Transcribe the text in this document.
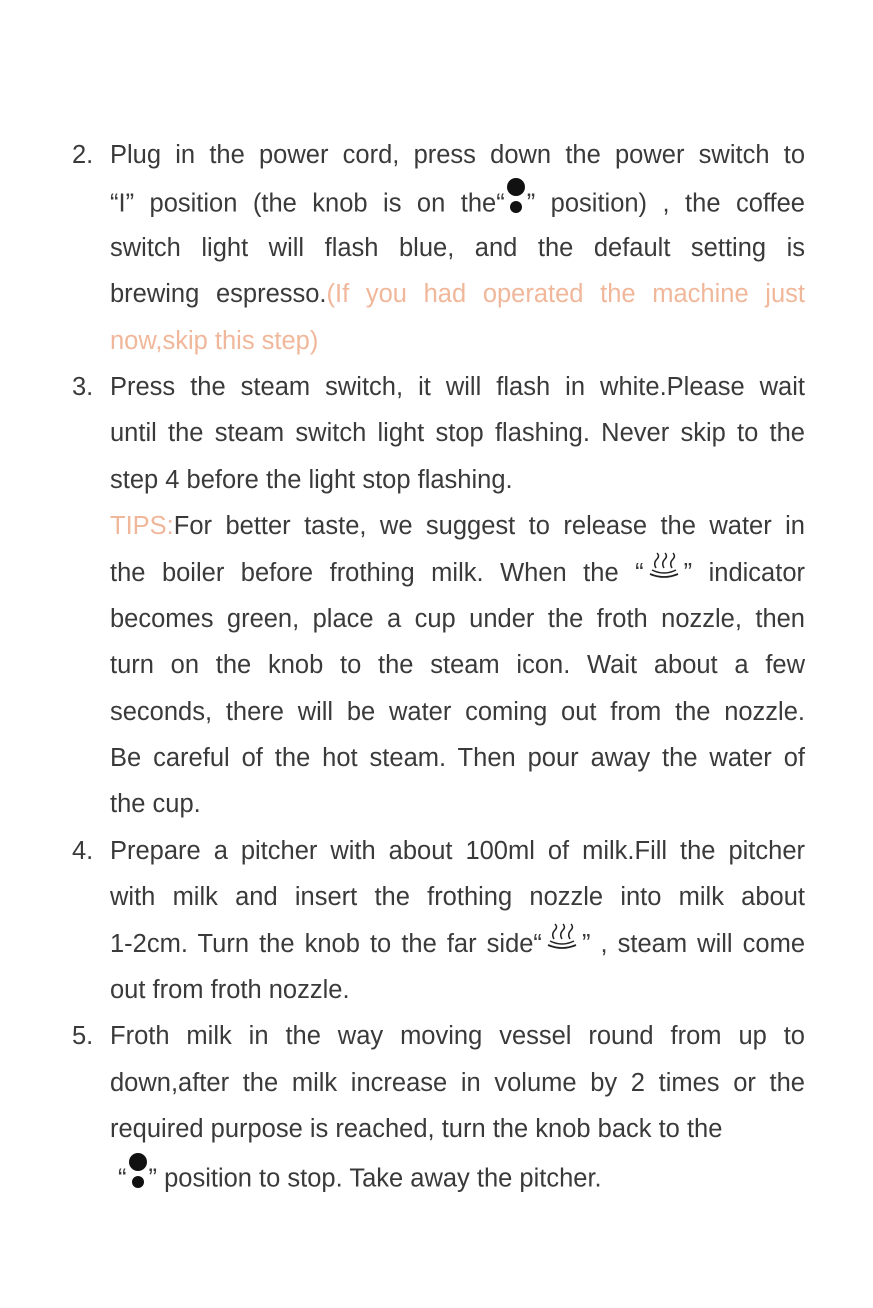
2. Plug in the power cord, press down the power switch to
“I” position (the knob is on the“ ” position) , the coffee
switch light will flash blue, and the default setting is
brewing espresso.(If you had operated the machine just
now,skip this step)
3. Press the steam switch, it will flash in white.Please wait
until the steam switch light stop flashing. Never skip to the
step 4 before the light stop flashing.
TIPS:For better taste, we suggest to release the water in
the boiler before frothing milk. When the “ ” indicator
becomes green, place a cup under the froth nozzle, then
turn on the knob to the steam icon. Wait about a few
seconds, there will be water coming out from the nozzle.
Be careful of the hot steam. Then pour away the water of
the cup.
4. Prepare a pitcher with about 100ml of milk.Fill the pitcher
with milk and insert the frothing nozzle into milk about
1-2cm. Turn the knob to the far side“ ” , steam will come
out from froth nozzle.
5. Froth milk in the way moving vessel round from up to
down,after the milk increase in volume by 2 times or the
required purpose is reached, turn the knob back to the
“ ” position to stop. Take away the pitcher.
